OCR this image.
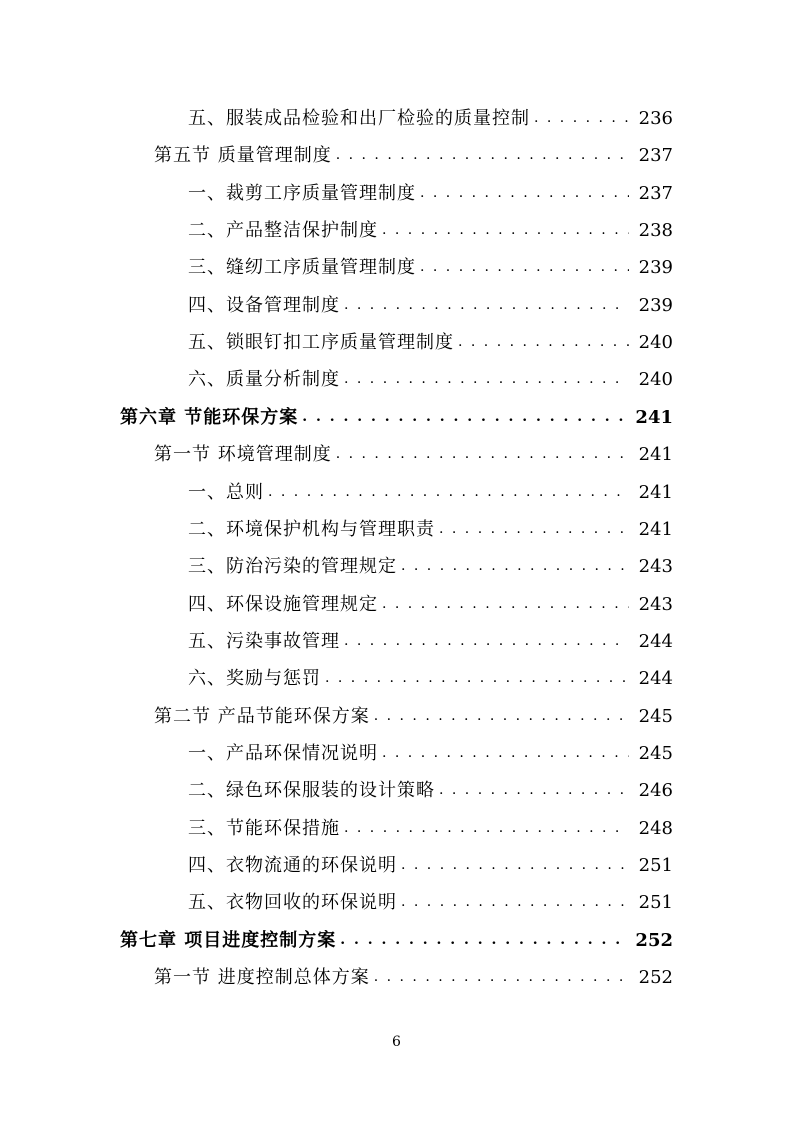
五、服装成品检验和出厂检验的质量控制 . . .	236
第五节 质量管理制度 . . .	237
一、裁剪工序质量管理制度 . . .	237
二、产品整洁保护制度 . . .	238
三、缝纫工序质量管理制度 . . .	239
四、设备管理制度 . . .	239
五、锁眼钉扣工序质量管理制度 . . .	240
六、质量分析制度 . . .	240
第六章 节能环保方案 . . .	241
第一节 环境管理制度 . . .	241
一、总则 . . .	241
二、环境保护机构与管理职责 . . .	241
三、防治污染的管理规定 . . .	243
四、环保设施管理规定 . . .	243
五、污染事故管理 . . .	244
六、奖励与惩罚 . . .	244
第二节 产品节能环保方案 . . .	245
一、产品环保情况说明 . . .	245
二、绿色环保服装的设计策略 . . .	246
三、节能环保措施 . . .	248
四、衣物流通的环保说明 . . .	251
五、衣物回收的环保说明 . . .	251
第七章 项目进度控制方案 . . .	252
第一节 进度控制总体方案 . . .	252
6
